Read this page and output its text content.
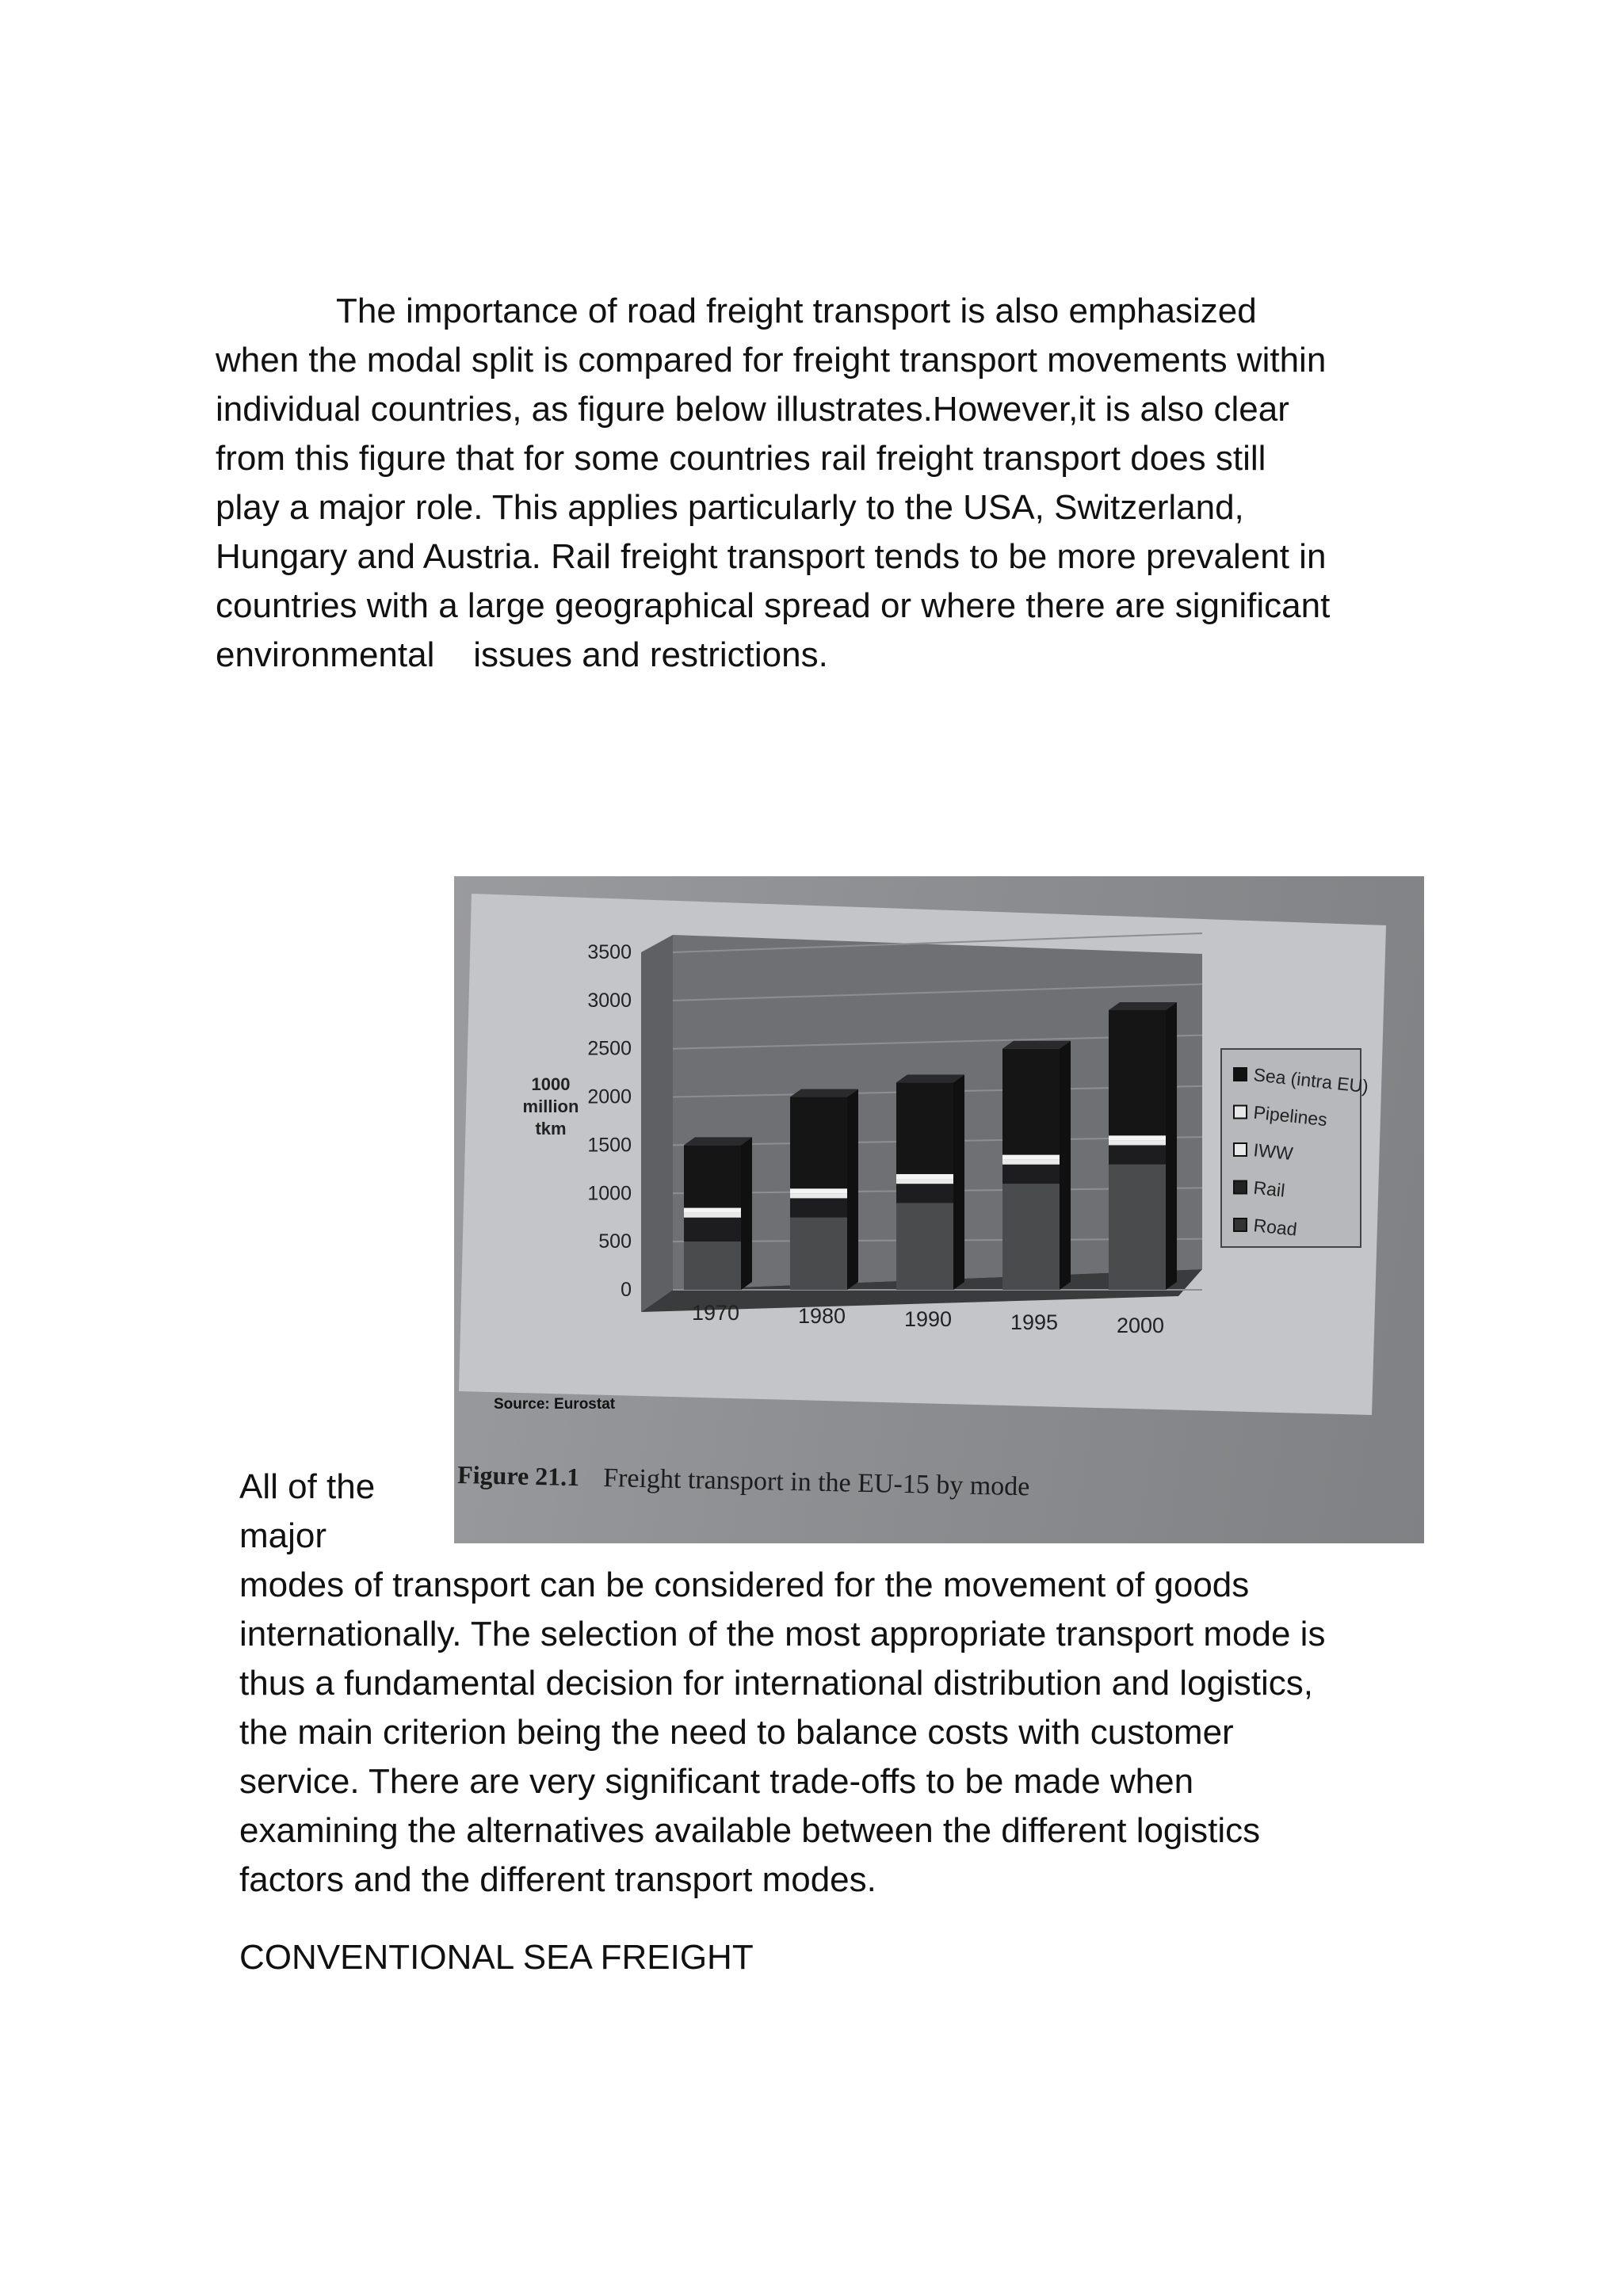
The importance of road freight transport is also emphasized
when the modal split is compared for freight transport movements within
individual countries, as figure below illustrates.However,it is also clear
from this figure that for some countries rail freight transport does still
play a major role. This applies particularly to the USA, Switzerland,
Hungary and Austria. Rail freight transport tends to be more prevalent in
countries with a large geographical spread or where there are significant
environmental    issues and restrictions.
0
500
1000
1500
2000
2500
3000
3500
1970	1980	1990	1995	2000
1000
million
tkm
Sea (intra EU)
Pipelines
IWW
Rail
Road
Source: Eurostat
Figure 21.1 Freight transport in the EU-15 by mode
All of the
major
modes of transport can be considered for the movement of goods
internationally. The selection of the most appropriate transport mode is
thus a fundamental decision for international distribution and logistics,
the main criterion being the need to balance costs with customer
service. There are very significant trade-offs to be made when
examining the alternatives available between the different logistics
factors and the different transport modes.
CONVENTIONAL SEA FREIGHT
